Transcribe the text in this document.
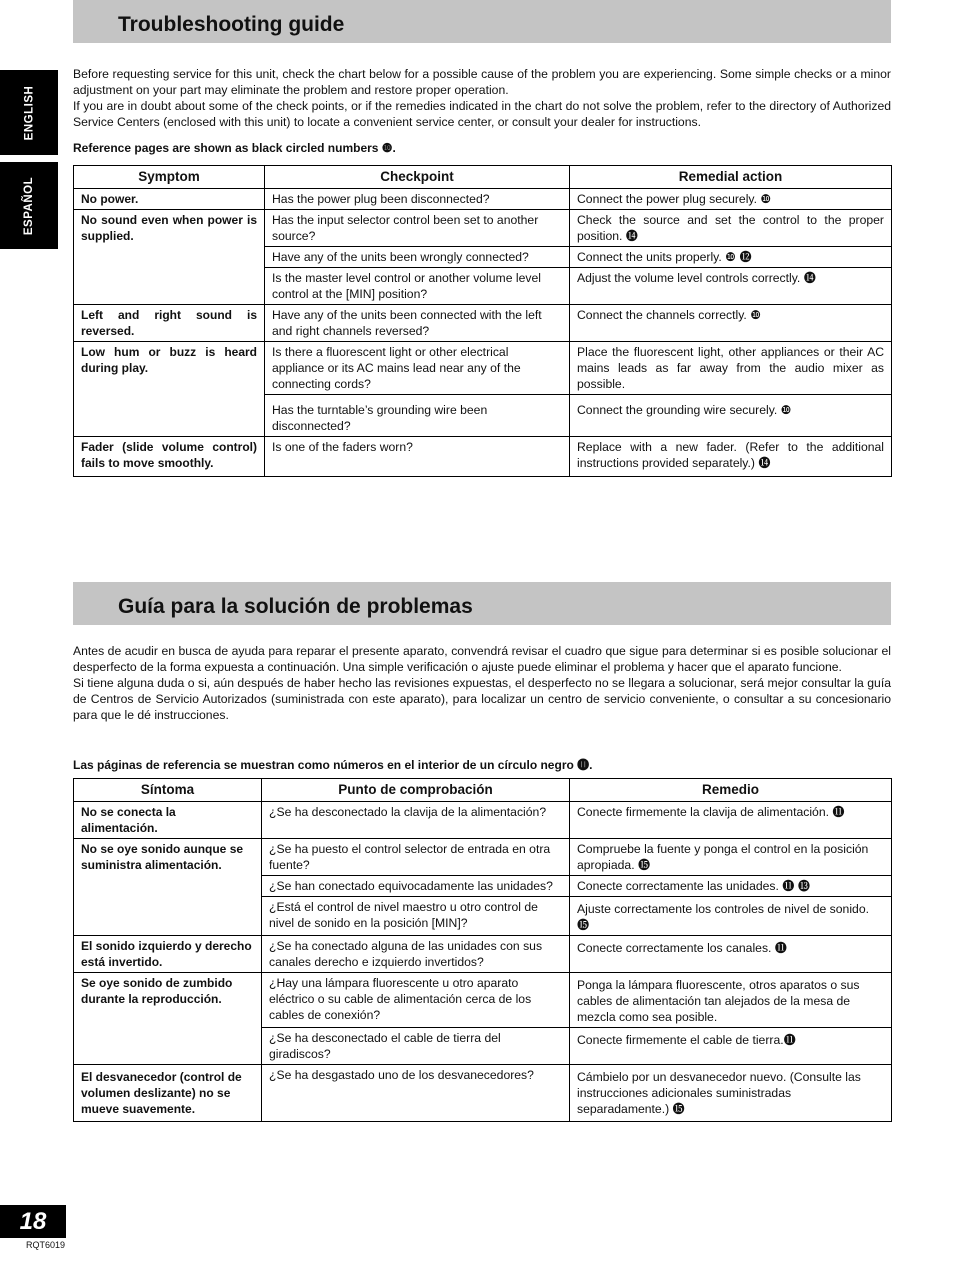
ENGLISH
ESPAÑOL
Troubleshooting guide

Before requesting service for this unit, check the chart below for a possible cause of the problem you are experiencing. Some simple checks or a minor adjustment on your part may eliminate the problem and restore proper operation.

If you are in doubt about some of the check points, or if the remedies indicated in the chart do not solve the problem, refer to the directory of Authorized Service Centers (enclosed with this unit) to locate a convenient service center, or consult your dealer for instructions.

Reference pages are shown as black circled numbers ❿.
Symptom	Checkpoint	Remedial action
No power.	Has the power plug been disconnected?	Connect the power plug securely. ❿
No sound even when power is supplied.	Has the input selector control been set to another source?	Check the source and set the control to the proper position. ⓮
	Have any of the units been wrongly connected?	Connect the units properly. ❿ ⓬
	Is the master level control or another volume level control at the [MIN] position?	Adjust the volume level controls correctly. ⓮
Left and right sound is reversed.	Have any of the units been connected with the left and right channels reversed?	Connect the channels correctly. ❿
Low hum or buzz is heard during play.	Is there a fluorescent light or other electrical appliance or its AC mains lead near any of the connecting cords?	Place the fluorescent light, other appliances or their AC mains leads as far away from the audio mixer as possible.
	Has the turntable’s grounding wire been disconnected?	Connect the grounding wire securely. ❿
Fader (slide volume control) fails to move smoothly.	Is one of the faders worn?	Replace with a new fader. (Refer to the additional instructions provided separately.) ⓮
Guía para la solución de problemas

Antes de acudir en busca de ayuda para reparar el presente aparato, convendrá revisar el cuadro que sigue para determinar si es posible solucionar el desperfecto de la forma expuesta a continuación. Una simple verificación o ajuste puede eliminar el problema y hacer que el aparato funcione.

Si tiene alguna duda o si, aún después de haber hecho las revisiones expuestas, el desperfecto no se llegara a solucionar, será mejor consultar la guía de Centros de Servicio Autorizados (suministrada con este aparato), para localizar un centro de servicio conveniente, o consultar a su concesionario para que le dé instrucciones.

Las páginas de referencia se muestran como números en el interior de un círculo negro ⓫.
Síntoma	Punto de comprobación	Remedio
No se conecta la alimentación.	¿Se ha desconectado la clavija de la alimentación?	Conecte firmemente la clavija de alimentación. ⓫
No se oye sonido aunque se suministra alimentación.	¿Se ha puesto el control selector de entrada en otra fuente?	Compruebe la fuente y ponga el control en la posición apropiada. ⓯
	¿Se han conectado equivocadamente las unidades?	Conecte correctamente las unidades. ⓫ ⓭
	¿Está el control de nivel maestro u otro control de nivel de sonido en la posición [MIN]?	Ajuste correctamente los controles de nivel de sonido. ⓯
El sonido izquierdo y derecho está invertido.	¿Se ha conectado alguna de las unidades con sus canales derecho e izquierdo invertidos?	Conecte correctamente los canales. ⓫
Se oye sonido de zumbido durante la reproducción.	¿Hay una lámpara fluorescente u otro aparato eléctrico o su cable de alimentación cerca de los cables de conexión?	Ponga la lámpara fluorescente, otros aparatos o sus cables de alimentación tan alejados de la mesa de mezcla como sea posible.
	¿Se ha desconectado el cable de tierra del giradiscos?	Conecte firmemente el cable de tierra.⓫
El desvanecedor (control de volumen deslizante) no se mueve suavemente.	¿Se ha desgastado uno de los desvanecedores?	Cámbielo por un desvanecedor nuevo. (Consulte las instrucciones adicionales suministradas separadamente.) ⓯
18
RQT6019
